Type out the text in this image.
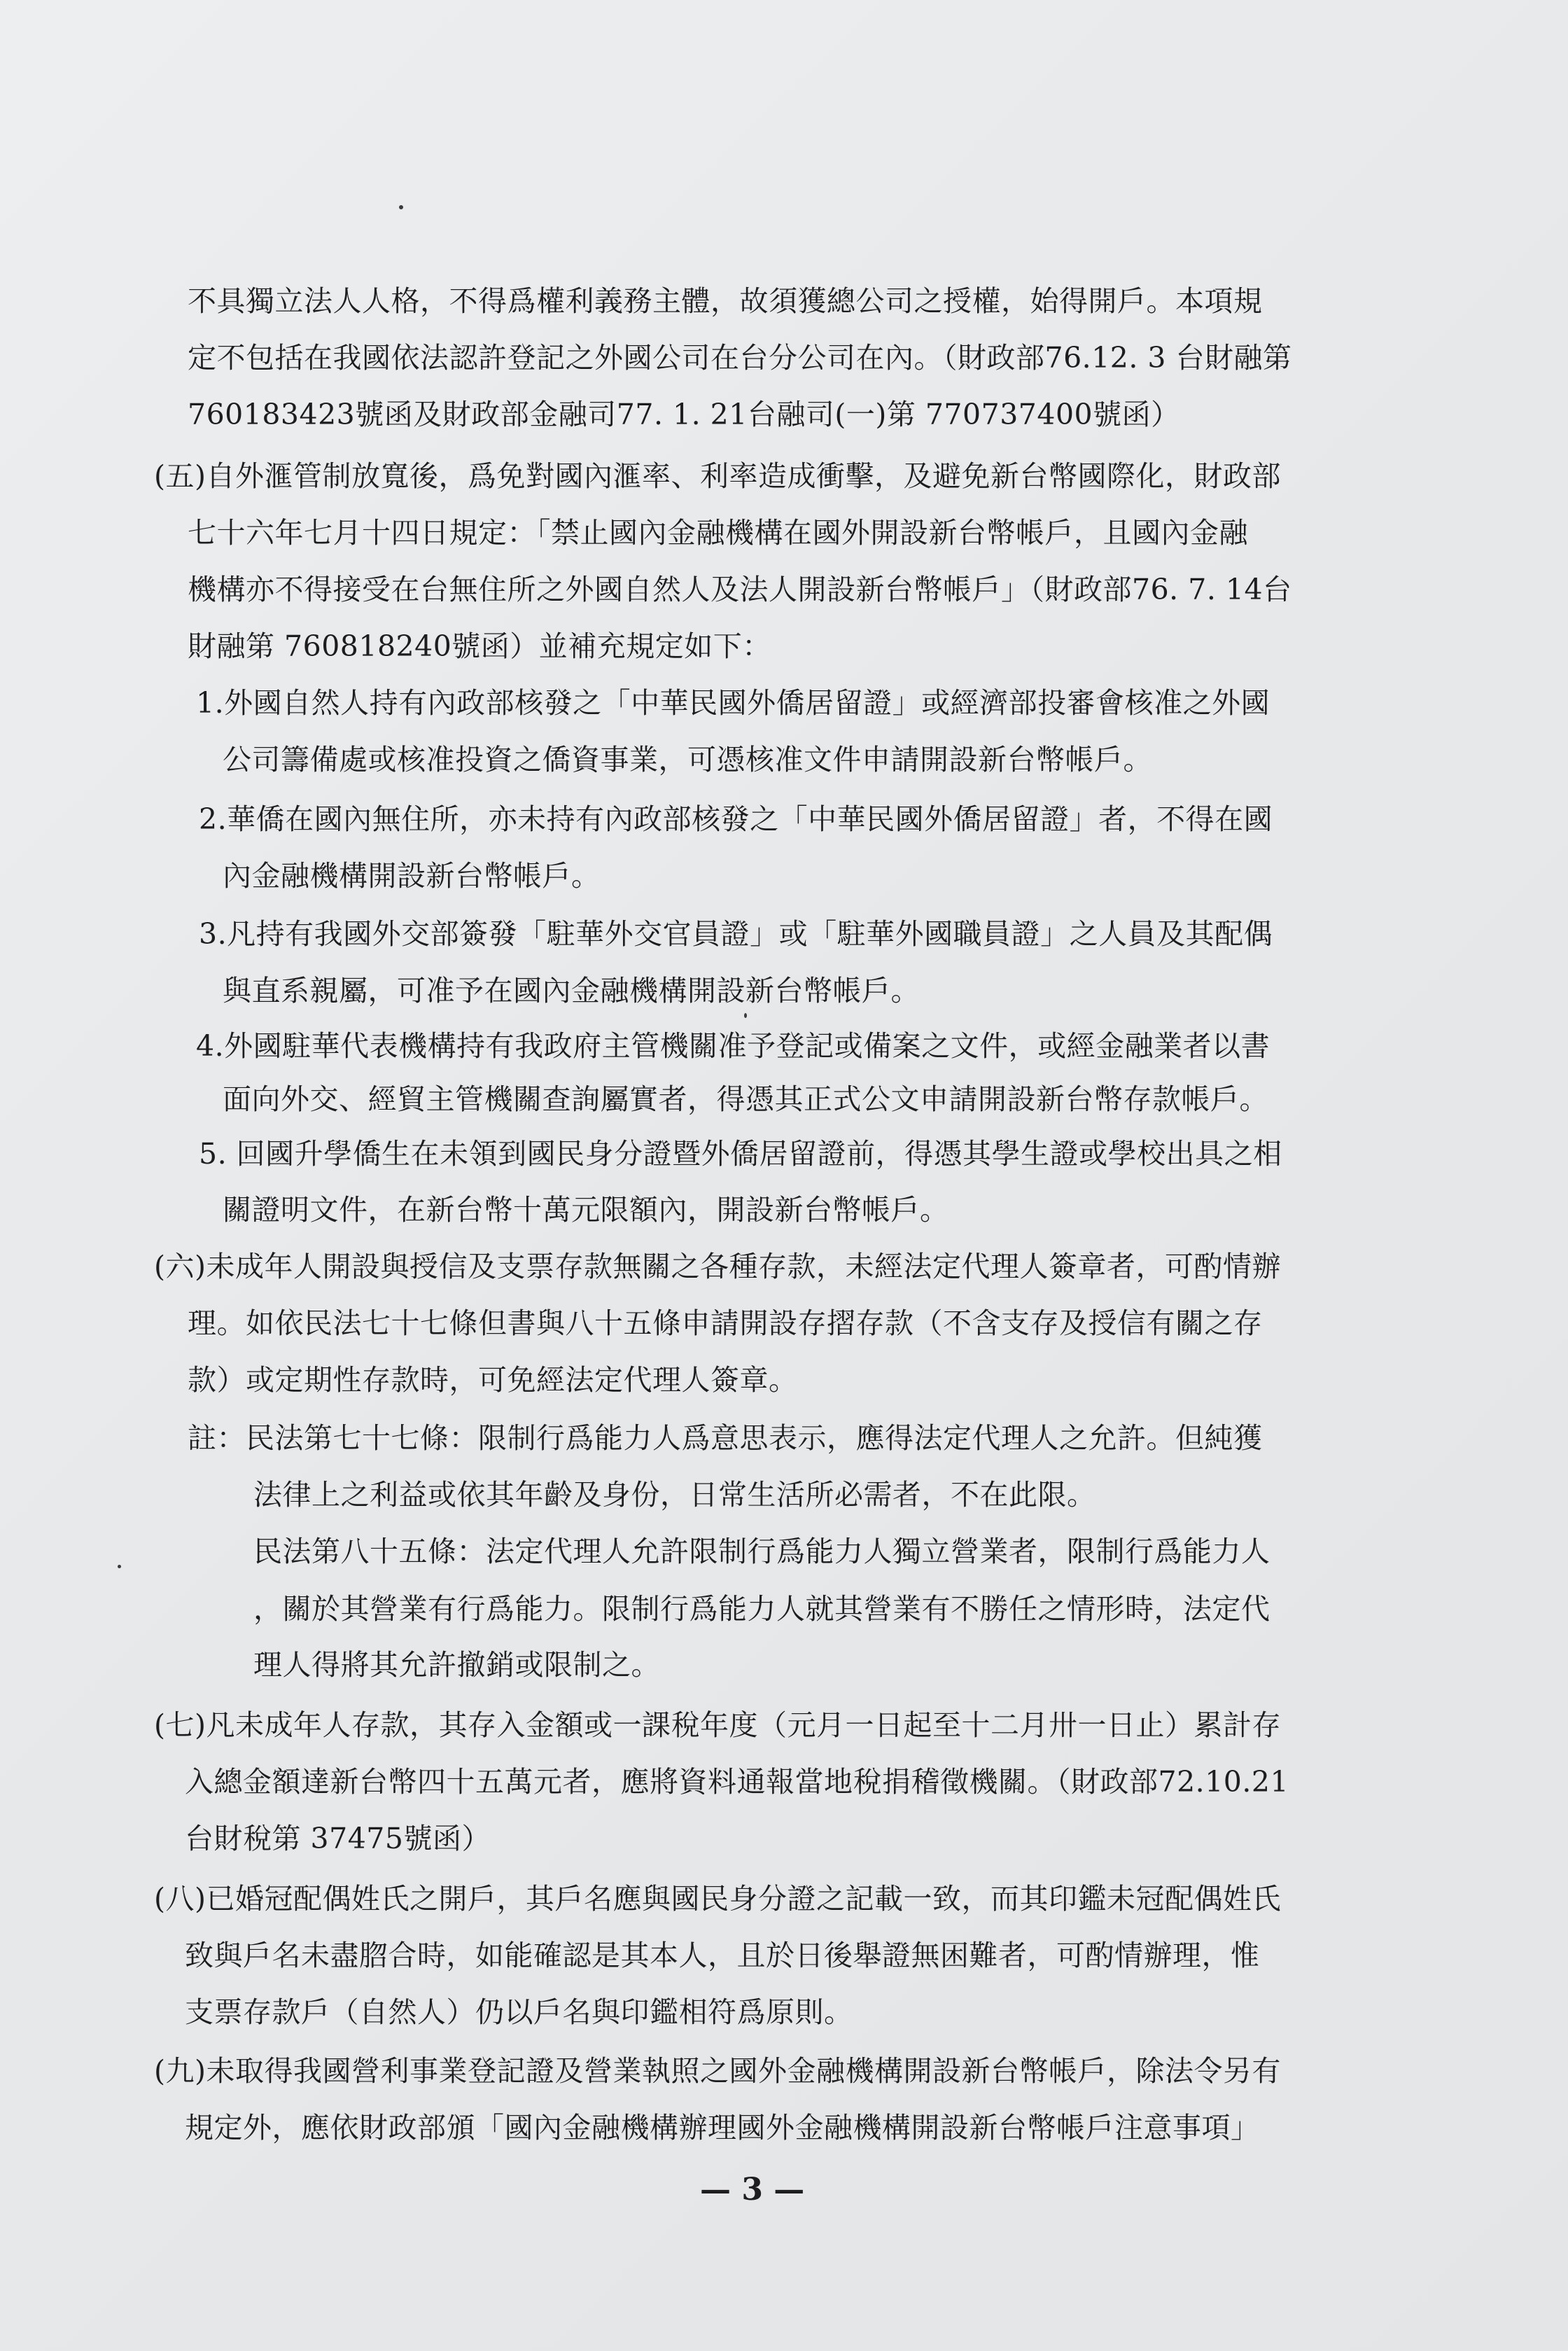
不具獨立法人人格，不得爲權利義務主體，故須獲總公司之授權，始得開戶。本項規
定不包括在我國依法認許登記之外國公司在台分公司在內。（財政部76.12. 3 台財融第
760183423號函及財政部金融司77. 1. 21台融司(一)第 770737400號函）
(五)自外滙管制放寬後，爲免對國內滙率、利率造成衝擊，及避免新台幣國際化，財政部
七十六年七月十四日規定：「禁止國內金融機構在國外開設新台幣帳戶，且國內金融
機構亦不得接受在台無住所之外國自然人及法人開設新台幣帳戶」（財政部76. 7. 14台
財融第 760818240號函）並補充規定如下：
1.外國自然人持有內政部核發之「中華民國外僑居留證」或經濟部投審會核准之外國
公司籌備處或核准投資之僑資事業，可憑核准文件申請開設新台幣帳戶。
2.華僑在國內無住所，亦未持有內政部核發之「中華民國外僑居留證」者，不得在國
內金融機構開設新台幣帳戶。
3.凡持有我國外交部簽發「駐華外交官員證」或「駐華外國職員證」之人員及其配偶
與直系親屬，可准予在國內金融機構開設新台幣帳戶。
4.外國駐華代表機構持有我政府主管機關准予登記或備案之文件，或經金融業者以書
面向外交、經貿主管機關查詢屬實者，得憑其正式公文申請開設新台幣存款帳戶。
5. 回國升學僑生在未領到國民身分證暨外僑居留證前，得憑其學生證或學校出具之相
關證明文件，在新台幣十萬元限額內，開設新台幣帳戶。
(六)未成年人開設與授信及支票存款無關之各種存款，未經法定代理人簽章者，可酌情辦
理。如依民法七十七條但書與八十五條申請開設存摺存款（不含支存及授信有關之存
款）或定期性存款時，可免經法定代理人簽章。
註：民法第七十七條：限制行爲能力人爲意思表示，應得法定代理人之允許。但純獲
法律上之利益或依其年齡及身份，日常生活所必需者，不在此限。
民法第八十五條：法定代理人允許限制行爲能力人獨立營業者，限制行爲能力人
，關於其營業有行爲能力。限制行爲能力人就其營業有不勝任之情形時，法定代
理人得將其允許撤銷或限制之。
(七)凡未成年人存款，其存入金額或一課稅年度（元月一日起至十二月卅一日止）累計存
入總金額達新台幣四十五萬元者，應將資料通報當地稅捐稽徵機關。（財政部72.10.21
台財稅第 37475號函）
(八)已婚冠配偶姓氏之開戶，其戶名應與國民身分證之記載一致，而其印鑑未冠配偶姓氏
致與戶名未盡脗合時，如能確認是其本人，且於日後舉證無困難者，可酌情辦理，惟
支票存款戶（自然人）仍以戶名與印鑑相符爲原則。
(九)未取得我國營利事業登記證及營業執照之國外金融機構開設新台幣帳戶，除法令另有
規定外，應依財政部頒「國內金融機構辦理國外金融機構開設新台幣帳戶注意事項」
— 3 —
